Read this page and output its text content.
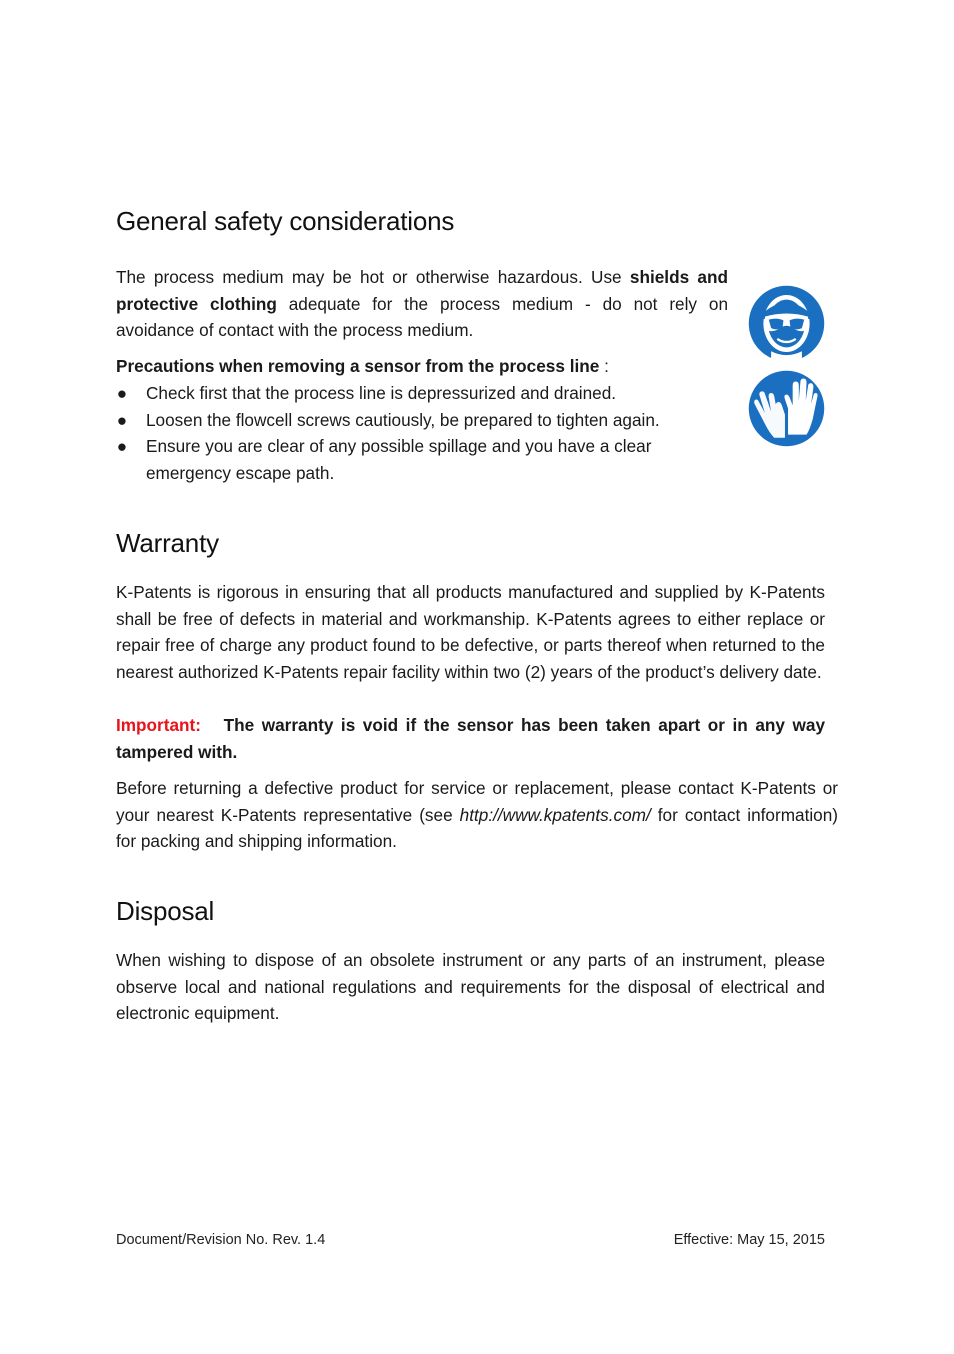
General safety considerations

The process medium may be hot or otherwise hazardous. Use shields and protective clothing adequate for the process medium - do not rely on avoidance of contact with the process medium.

Precautions when removing a sensor from the process line :

● Check first that the process line is depressurized and drained.
● Loosen the flowcell screws cautiously, be prepared to tighten again.
● Ensure you are clear of any possible spillage and you have a clear emergency escape path.
Warranty

K-Patents is rigorous in ensuring that all products manufactured and supplied by K-Patents shall be free of defects in material and workmanship. K-Patents agrees to either replace or repair free of charge any product found to be defective, or parts thereof when returned to the nearest authorized K-Patents repair facility within two (2) years of the product’s delivery date.

Important: The warranty is void if the sensor has been taken apart or in any way tampered with.

Before returning a defective product for service or replacement, please contact K-Patents or your nearest K-Patents representative (see http://www.kpatents.com/ for contact information) for packing and shipping information.

Disposal

When wishing to dispose of an obsolete instrument or any parts of an instrument, please observe local and national regulations and requirements for the disposal of electrical and electronic equipment.

Document/Revision No. Rev. 1.4	Effective: May 15, 2015
